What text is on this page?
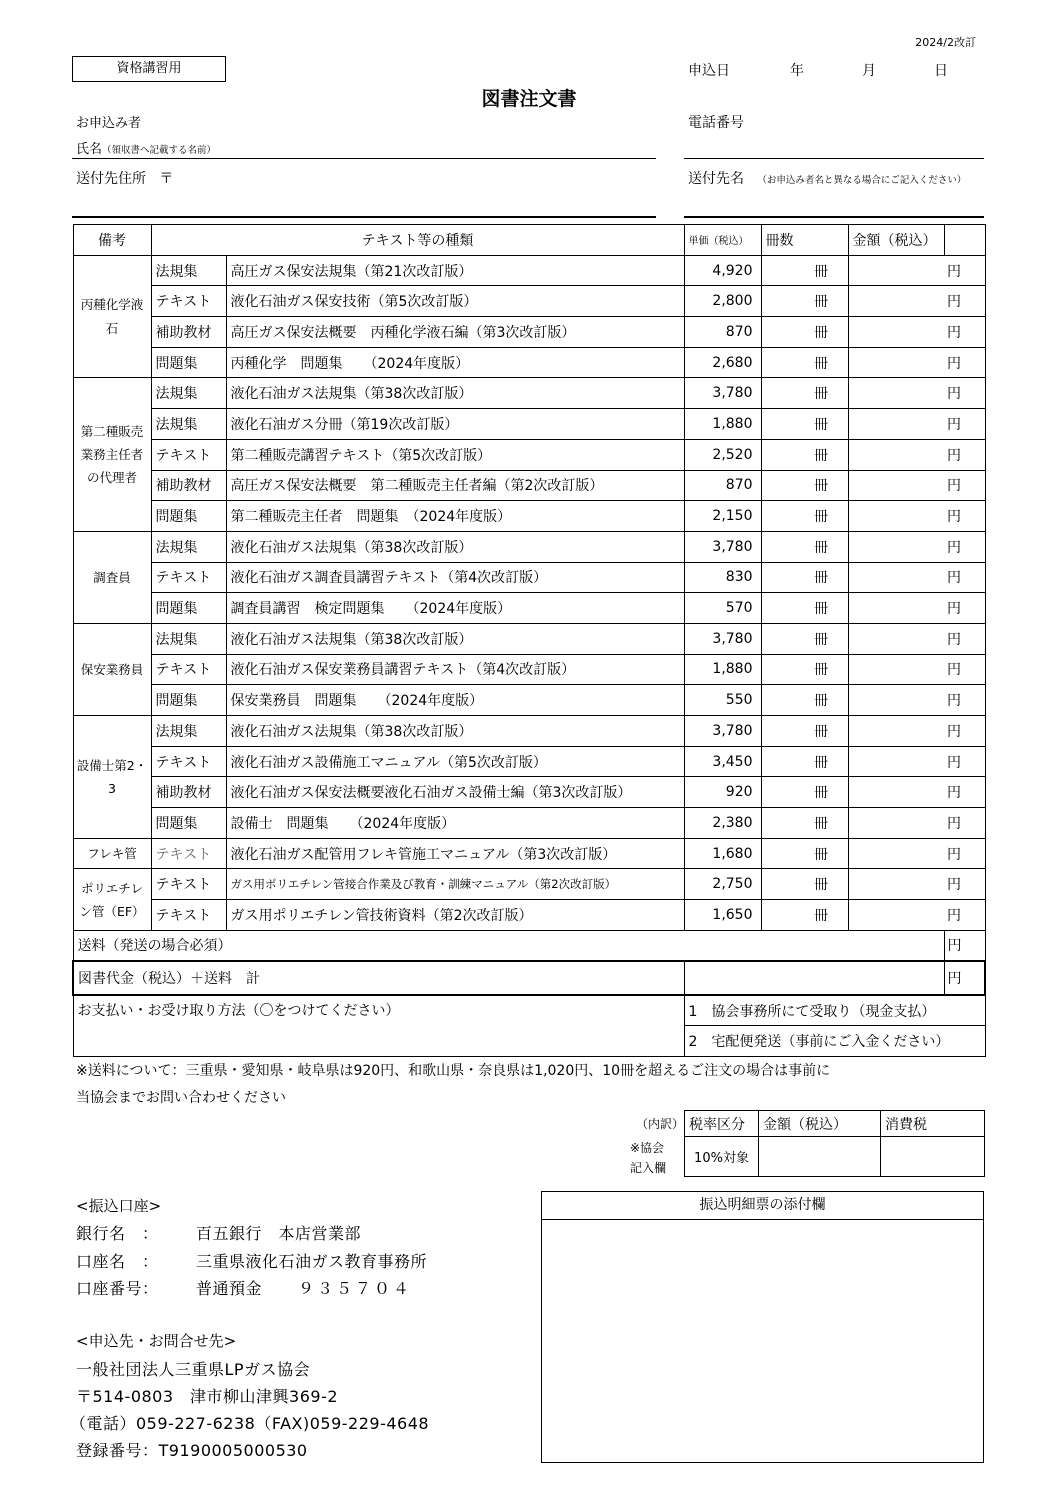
2024/2改訂
資格講習用
図書注文書
申込日	年	月	日
お申込み者	電話番号
氏名（領収書へ記載する名前）
送付先住所 〒	送付先名 （お申込み者名と異なる場合にご記入ください）
備考	テキスト等の種類		単価（税込）	冊数		金額（税込）	
丙種化学液石	法規集	高圧ガス保安法規集（第21次改訂版）	4,920		冊		円
	テキスト	液化石油ガス保安技術（第5次改訂版）	2,800		冊		円
	補助教材	高圧ガス保安法概要　丙種化学液石編（第3次改訂版）	870		冊		円
	問題集	丙種化学　問題集　　（2024年度版）	2,680		冊		円
第二種販売業務主任者の代理者	法規集	液化石油ガス法規集（第38次改訂版）	3,780		冊		円
	法規集	液化石油ガス分冊（第19次改訂版）	1,880		冊		円
	テキスト	第二種販売講習テキスト（第5次改訂版）	2,520		冊		円
	補助教材	高圧ガス保安法概要　第二種販売主任者編（第2次改訂版）	870		冊		円
	問題集	第二種販売主任者　問題集　（2024年度版）	2,150		冊		円
調査員	法規集	液化石油ガス法規集（第38次改訂版）	3,780		冊		円
	テキスト	液化石油ガス調査員講習テキスト（第4次改訂版）	830		冊		円
	問題集	調査員講習　検定問題集　　（2024年度版）	570		冊		円
保安業務員	法規集	液化石油ガス法規集（第38次改訂版）	3,780		冊		円
	テキスト	液化石油ガス保安業務員講習テキスト（第4次改訂版）	1,880		冊		円
	問題集	保安業務員　問題集　　（2024年度版）	550		冊		円
設備士第2・3	法規集	液化石油ガス法規集（第38次改訂版）	3,780		冊		円
	テキスト	液化石油ガス設備施工マニュアル（第5次改訂版）	3,450		冊		円
	補助教材	液化石油ガス保安法概要液化石油ガス設備士編（第3次改訂版）	920		冊		円
	問題集	設備士　問題集　　（2024年度版）	2,380		冊		円
フレキ管	テキスト	液化石油ガス配管用フレキ管施工マニュアル（第3次改訂版）	1,680		冊		円
ポリエチレン管（EF）	テキスト	ガス用ポリエチレン管接合作業及び教育・訓練マニュアル（第2次改訂版）	2,750		冊		円
	テキスト	ガス用ポリエチレン管技術資料（第2次改訂版）	1,650		冊		円
送料（発送の場合必須）							円
図書代金（税込）＋送料　計							円
お支払い・お受け取り方法（〇をつけてください）			1　協会事務所にて受取り（現金支払）				
			2　宅配便発送（事前にご入金ください）				
※送料について：三重県・愛知県・岐阜県は920円、和歌山県・奈良県は1,020円、10冊を超えるご注文の場合は事前に
当協会までお問い合わせください
（内訳）
※協会
記入欄
税率区分	金額（税込）	消費税
10%対象		
<振込口座>
銀行名　： 百五銀行　本店営業部
口座名　： 三重県液化石油ガス教育事務所
口座番号： 普通預金 ９３５７０４
<申込先・お問合せ先>
一般社団法人三重県LPガス協会
〒514-0803　津市柳山津興369-2
（電話）059-227-6238（FAX)059-229-4648
登録番号：T9190005000530
振込明細票の添付欄
